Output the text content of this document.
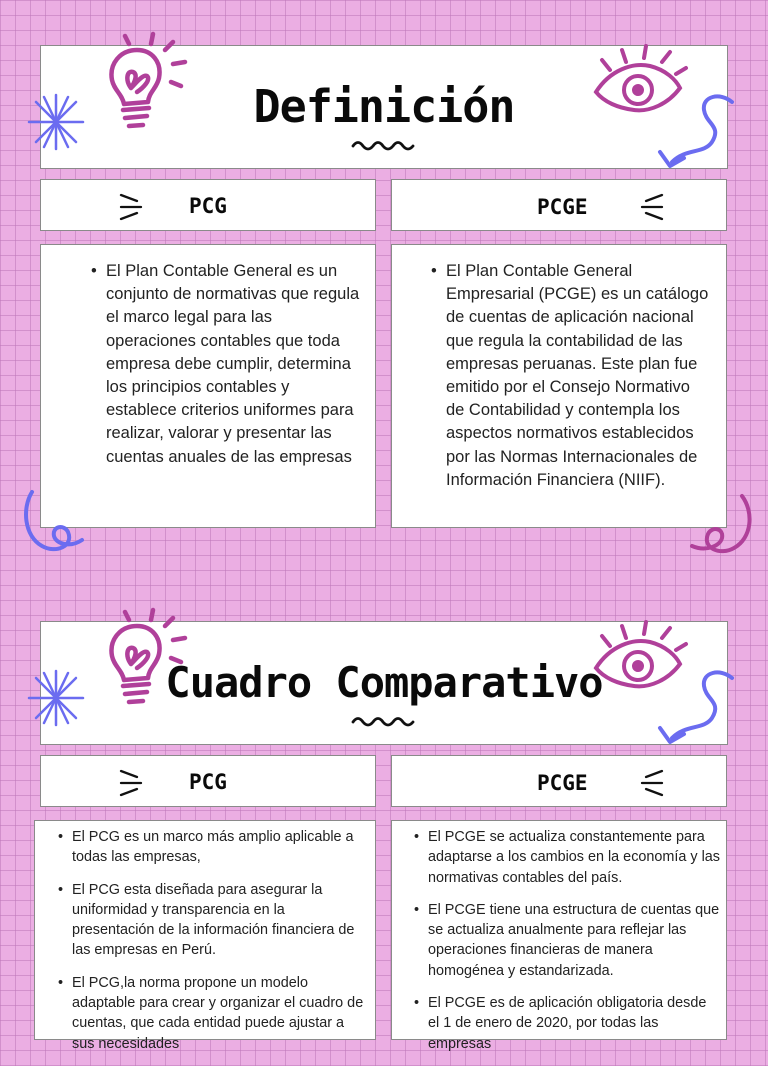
Definición
PCG	PCGE
• El Plan Contable General es un conjunto de normativas que regula el marco legal para las operaciones contables que toda empresa debe cumplir, determina los principios contables y establece criterios uniformes para realizar, valorar y presentar las cuentas anuales de las empresas
• El Plan Contable General Empresarial (PCGE) es un catálogo de cuentas de aplicación nacional que regula la contabilidad de las empresas peruanas. Este plan fue emitido por el Consejo Normativo de Contabilidad y contempla los aspectos normativos establecidos por las Normas Internacionales de Información Financiera (NIIF).
Cuadro Comparativo
PCG	PCGE
• El PCG es un marco más amplio aplicable a todas las empresas,
• El PCG esta diseñada para asegurar la uniformidad y transparencia en la presentación de la información financiera de las empresas en Perú.
• El PCG,la norma propone un modelo adaptable para crear y organizar el cuadro de cuentas, que cada entidad puede ajustar a sus necesidades
• El PCGE se actualiza constantemente para adaptarse a los cambios en la economía y las normativas contables del país.
• El PCGE tiene una estructura de cuentas que se actualiza anualmente para reflejar las operaciones financieras de manera homogénea y estandarizada.
• El PCGE es de aplicación obligatoria desde el 1 de enero de 2020, por todas las empresas
